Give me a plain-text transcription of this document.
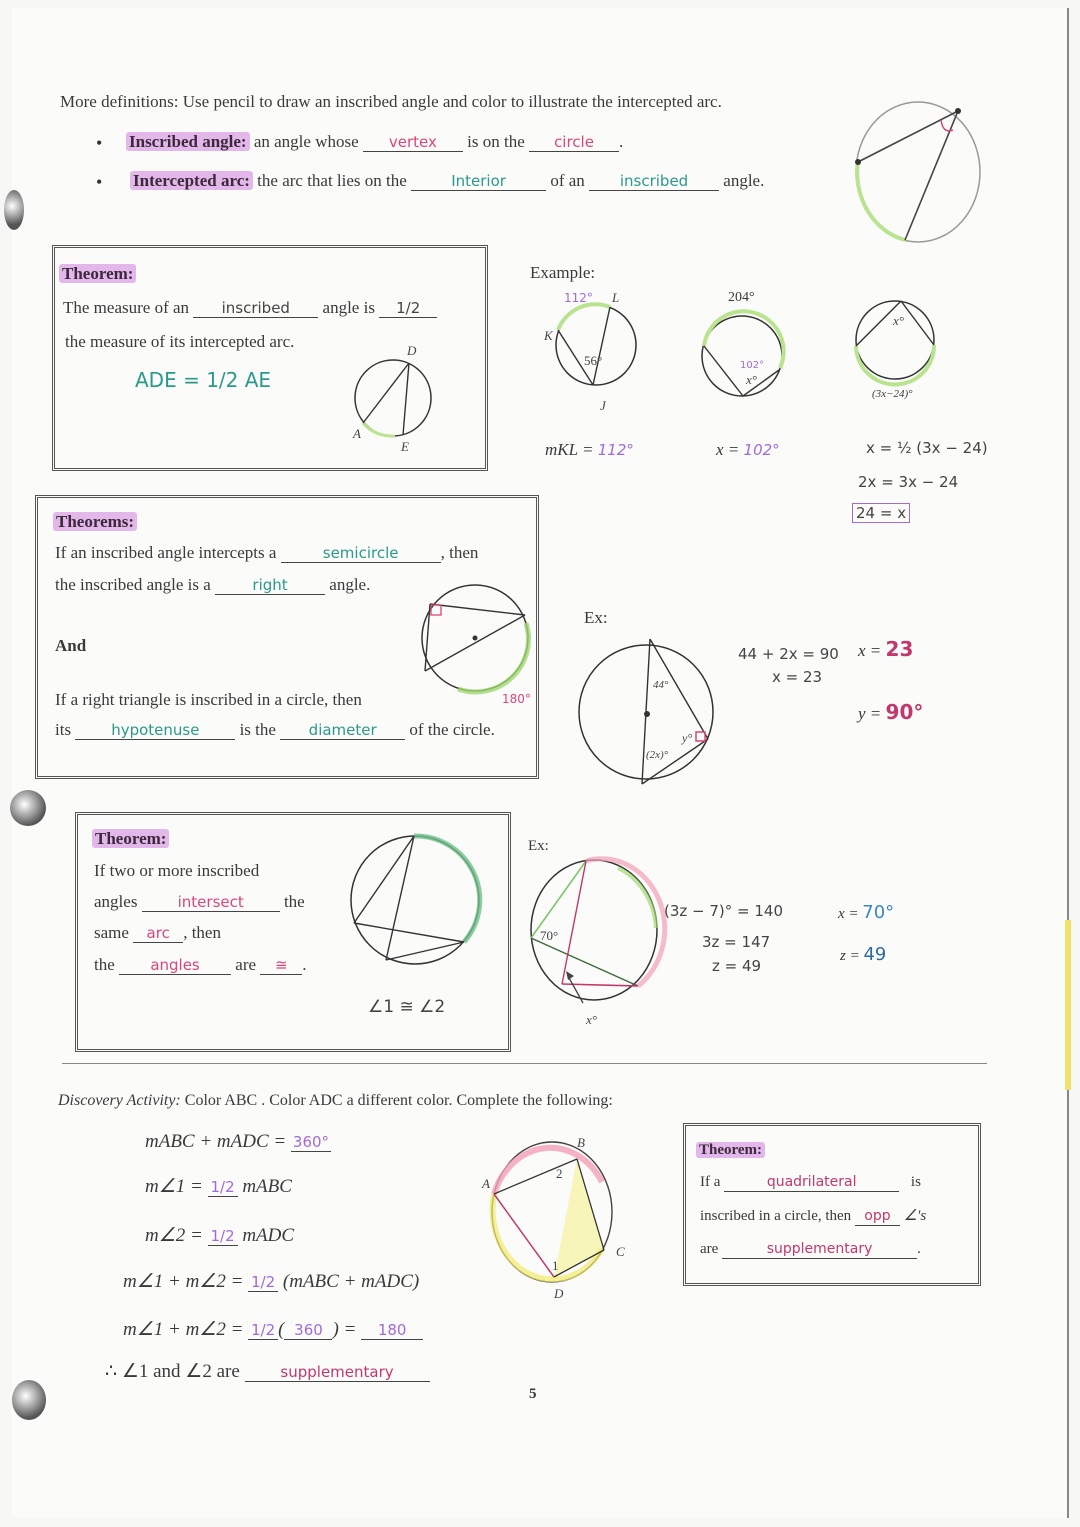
More definitions: Use pencil to draw an inscribed angle and color to illustrate the intercepted arc.
• Inscribed angle: an angle whose vertex is on the circle .
• Intercepted arc: the arc that lies on the	Interior	of an inscribed angle.
Theorem:
The measure of an inscribed angle is 1/2
the measure of its intercepted arc.
ADE = 1/2 AE
D
A
E
Example:
K
L
J
56°
112°
mKL = 112°
204°
x°
102°
x = 102°
x°
(3x−24)°
x = ½ (3x − 24)
2x = 3x − 24
24 = x
Theorems:
If an inscribed angle intercepts a	semicircle , then
the inscribed angle is a	right angle.
And
If a right triangle is inscribed in a circle, then
its	hypotenuse is the diameter of the circle.
180°
Ex:
44°
(2x)°
y°
44 + 2x = 90
x = 23
x = 23
y = 90°
Theorem:
If two or more inscribed
angles	intersect the
same arc , then
the angles are ≅ .
∠1 ≅ ∠2
Ex:
70°
x°
(3z − 7)° = 140
3z = 147
z = 49
x = 70°
z = 49
Discovery Activity: Color ABC . Color ADC a different color. Complete the following:
mABC + mADC = 360°
m∠1 = 1/2 mABC
m∠2 = 1/2 mADC
m∠1 + m∠2 = 1/2 (mABC + mADC)
m∠1 + m∠2 = 1/2 ( 360 ) = 180
∴ ∠1 and ∠2 are	supplementary
A
B
C
D
1
2
Theorem:
If a	quadrilateral	is
inscribed in a circle, then opp ∠'s
are	supplementary	.
5
